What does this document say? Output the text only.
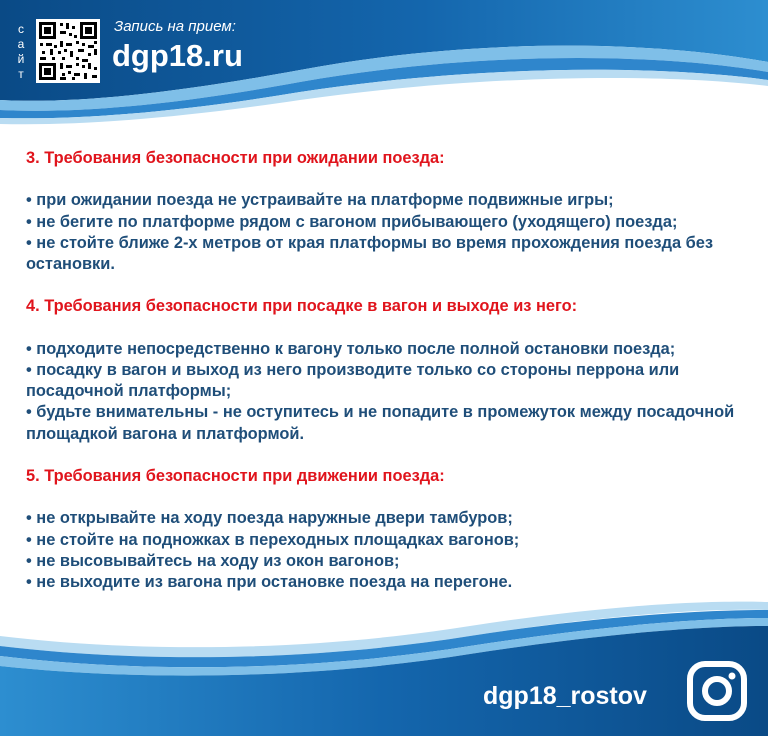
сайт
Запись на прием:
dgp18.ru
3. Требования безопасности при ожидании поезда:
• при ожидании поезда не устраивайте на платформе подвижные игры;
• не бегите по платформе рядом с вагоном прибывающего (уходящего) поезда;
• не стойте ближе 2-х метров от края платформы во время прохождения поезда без остановки.
4. Требования безопасности при посадке в вагон и выходе из него:
• подходите непосредственно к вагону только после полной остановки поезда;
• посадку в вагон и выход из него производите только со стороны перрона или посадочной платформы;
• будьте внимательны - не оступитесь и не попадите в промежуток между посадочной площадкой вагона и платформой.
5. Требования безопасности при движении поезда:
• не открывайте на ходу поезда наружные двери тамбуров;
• не стойте на подножках в переходных площадках вагонов;
• не высовывайтесь на ходу из окон вагонов;
• не выходите из вагона при остановке поезда на перегоне.
dgp18_rostov
